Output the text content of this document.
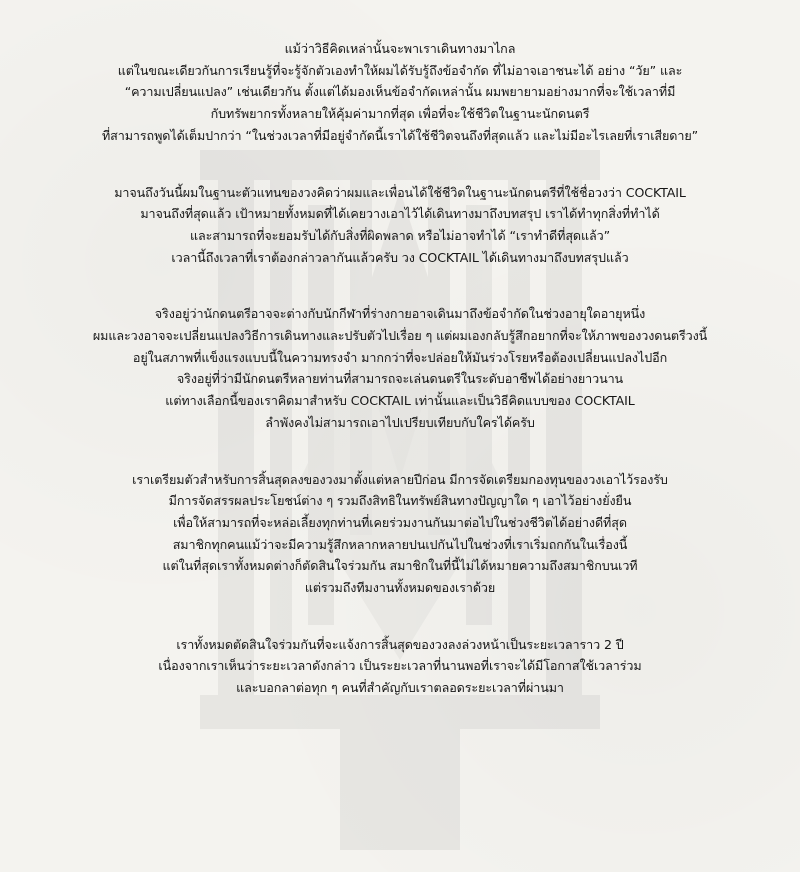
แม้ว่าวิธีคิดเหล่านั้นจะพาเราเดินทางมาไกล
แต่ในขณะเดียวกันการเรียนรู้ที่จะรู้จักตัวเองทำให้ผมได้รับรู้ถึงข้อจำกัด ที่ไม่อาจเอาชนะได้ อย่าง “วัย” และ
“ความเปลี่ยนแปลง” เช่นเดียวกัน ตั้งแต่ได้มองเห็นข้อจำกัดเหล่านั้น ผมพยายามอย่างมากที่จะใช้เวลาที่มี
กับทรัพยากรทั้งหลายให้คุ้มค่ามากที่สุด เพื่อที่จะใช้ชีวิตในฐานะนักดนตรี
ที่สามารถพูดได้เต็มปากว่า “ในช่วงเวลาที่มีอยู่จำกัดนี้เราได้ใช้ชีวิตจนถึงที่สุดแล้ว และไม่มีอะไรเลยที่เราเสียดาย”
มาจนถึงวันนี้ผมในฐานะตัวแทนของวงคิดว่าผมและเพื่อนได้ใช้ชีวิตในฐานะนักดนตรีที่ใช้ชื่อวงว่า COCKTAIL
มาจนถึงที่สุดแล้ว เป้าหมายทั้งหมดที่ได้เคยวางเอาไว้ได้เดินทางมาถึงบทสรุป เราได้ทำทุกสิ่งที่ทำได้
และสามารถที่จะยอมรับได้กับสิ่งที่ผิดพลาด หรือไม่อาจทำได้ “เราทำดีที่สุดแล้ว”
เวลานี้ถึงเวลาที่เราต้องกล่าวลากันแล้วครับ วง COCKTAIL ได้เดินทางมาถึงบทสรุปแล้ว
จริงอยู่ว่านักดนตรีอาจจะต่างกับนักกีฬาที่ร่างกายอาจเดินมาถึงข้อจำกัดในช่วงอายุใดอายุหนึ่ง
ผมและวงอาจจะเปลี่ยนแปลงวิธีการเดินทางและปรับตัวไปเรื่อย ๆ แต่ผมเองกลับรู้สึกอยากที่จะให้ภาพของวงดนตรีวงนี้
อยู่ในสภาพที่แข็งแรงแบบนี้ในความทรงจำ มากกว่าที่จะปล่อยให้มันร่วงโรยหรือต้องเปลี่ยนแปลงไปอีก
จริงอยู่ที่ว่ามีนักดนตรีหลายท่านที่สามารถจะเล่นดนตรีในระดับอาชีพได้อย่างยาวนาน
แต่ทางเลือกนี้ของเราคิดมาสำหรับ COCKTAIL เท่านั้นและเป็นวิธีคิดแบบของ COCKTAIL
ลำพังคงไม่สามารถเอาไปเปรียบเทียบกับใครได้ครับ
เราเตรียมตัวสำหรับการสิ้นสุดลงของวงมาตั้งแต่หลายปีก่อน มีการจัดเตรียมกองทุนของวงเอาไว้รองรับ
มีการจัดสรรผลประโยชน์ต่าง ๆ รวมถึงสิทธิในทรัพย์สินทางปัญญาใด ๆ เอาไว้อย่างยั่งยืน
เพื่อให้สามารถที่จะหล่อเลี้ยงทุกท่านที่เคยร่วมงานกันมาต่อไปในช่วงชีวิตได้อย่างดีที่สุด
สมาชิกทุกคนแม้ว่าจะมีความรู้สึกหลากหลายปนเปกันไปในช่วงที่เราเริ่มถกกันในเรื่องนี้
แต่ในที่สุดเราทั้งหมดต่างก็ตัดสินใจร่วมกัน สมาชิกในที่นี้ไม่ได้หมายความถึงสมาชิกบนเวที
แต่รวมถึงทีมงานทั้งหมดของเราด้วย
เราทั้งหมดตัดสินใจร่วมกันที่จะแจ้งการสิ้นสุดของวงลงล่วงหน้าเป็นระยะเวลาราว 2 ปี
เนื่องจากเราเห็นว่าระยะเวลาดังกล่าว เป็นระยะเวลาที่นานพอที่เราจะได้มีโอกาสใช้เวลาร่วม
และบอกลาต่อทุก ๆ คนที่สำคัญกับเราตลอดระยะเวลาที่ผ่านมา
